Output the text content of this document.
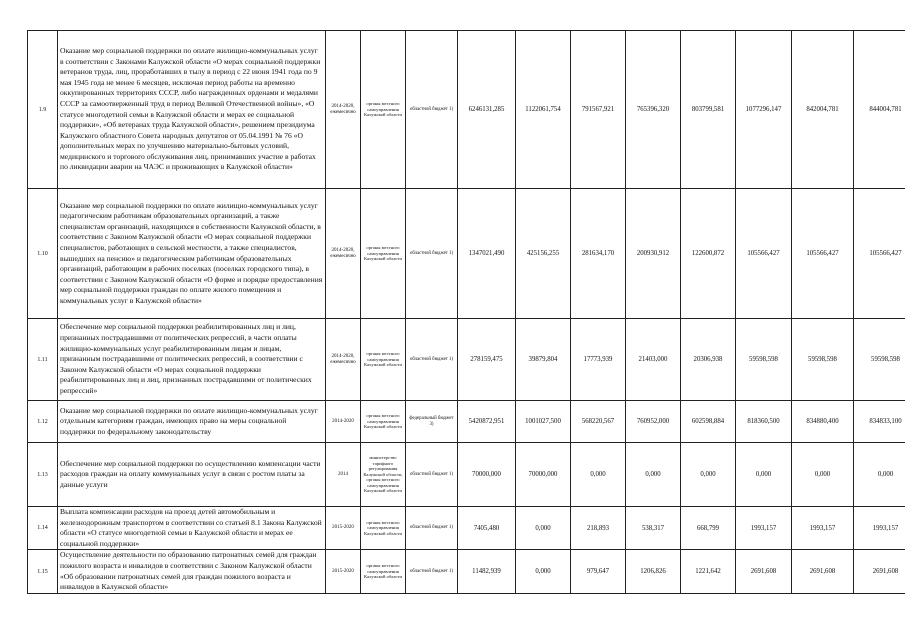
1.9	Оказание мер социальной поддержки по оплате жилищно-коммунальных услуг в соответствии с Законами Калужской области «О мерах социальной поддержки ветеранов труда, лиц, проработавших в тылу в период с 22 июня 1941 года по 9 мая 1945 года не менее 6 месяцев, исключая период работы на временно оккупированных территориях СССР, либо награжденных орденами и медалями СССР за самоотверженный труд в период Великой Отечественной войны», «О статусе многодетной семьи в Калужской области и мерах ее социальной поддержки», «Об ветеранах труда Калужской области», решением президиума Калужского областного Совета народных депутатов от 05.04.1991 № 76 «О дополнительных мерах по улучшению материально-бытовых условий, медицинского и торгового обслуживания лиц, принимавших участие в работах по ликвидации аварии на ЧАЭС и проживающих в Калужской области»	2014-2020, ежемесячно	органы местного самоуправления Калужской области	областной бюджет 1)	6246131,285	1122061,754	791567,921	765396,320	803799,581	1077296,147	842004,781	844004,781
1.10	Оказание мер социальной поддержки по оплате жилищно-коммунальных услуг педагогическим работникам образовательных организаций, а также специалистам организаций, находящихся в собственности Калужской области, в соответствии с Законом Калужской области «О мерах социальной поддержки специалистов, работающих в сельской местности, а также специалистов, вышедших на пенсию» и педагогическим работникам образовательных организаций, работающим в рабочих поселках (поселках городского типа), в соответствии с Законом Калужской области «О форме и порядке предоставления мер социальной поддержки граждан по оплате жилого помещения и коммунальных услуг в Калужской области»	2014-2020, ежемесячно	органы местного самоуправления Калужской области	областной бюджет 1)	1347021,490	425156,255	281634,170	200930,912	122600,872	105566,427	105566,427	105566,427
1.11	Обеспечение мер социальной поддержки реабилитированных лиц и лиц, признанных пострадавшими от политических репрессий, в части оплаты жилищно-коммунальных услуг реабилитированным лицам и лицам, признанным пострадавшими от политических репрессий, в соответствии с Законом Калужской области «О мерах социальной поддержки реабилитированных лиц и лиц, признанных пострадавшими от политических репрессий»	2014-2020, ежемесячно	органы местного самоуправления Калужской области	областной бюджет 1)	278159,475	39879,804	17773,939	21403,000	20306,938	59598,598	59598,598	59598,598
1.12	Оказание мер социальной поддержки по оплате жилищно-коммунальных услуг отдельным категориям граждан, имеющих право на меры социальной поддержки по федеральному законодательству	2014-2020	органы местного самоуправления Калужской области	федеральный бюджет 3)	5420872,951	1001027,500	568220,567	760952,000	602598,884	818360,500	834880,400	834833,100
1.13	Обеспечение мер социальной поддержки по осуществлению компенсации части расходов граждан на оплату коммунальных услуг в связи с ростом платы за данные услуги	2014	министерство тарифного регулирования Калужской области, органы местного самоуправления Калужской области	областной бюджет 1)	70000,000	70000,000	0,000	0,000	0,000	0,000	0,000	0,000
1.14	Выплата компенсации расходов на проезд детей автомобильным и железнодорожным транспортом в соответствии со статьей 8.1 Закона Калужской области «О статусе многодетной семьи в Калужской области и мерах ее социальной поддержки»	2015-2020	органы местного самоуправления Калужской области	областной бюджет 1)	7405,480	0,000	218,893	538,317	668,799	1993,157	1993,157	1993,157
1.15	Осуществление деятельности по образованию патронатных семей для граждан пожилого возраста и инвалидов в соответствии с Законом Калужской области «Об образовании патронатных семей для граждан пожилого возраста и инвалидов в Калужской области»	2015-2020	органы местного самоуправления Калужской области	областной бюджет 1)	11482,939	0,000	979,647	1206,826	1221,642	2691,608	2691,608	2691,608
